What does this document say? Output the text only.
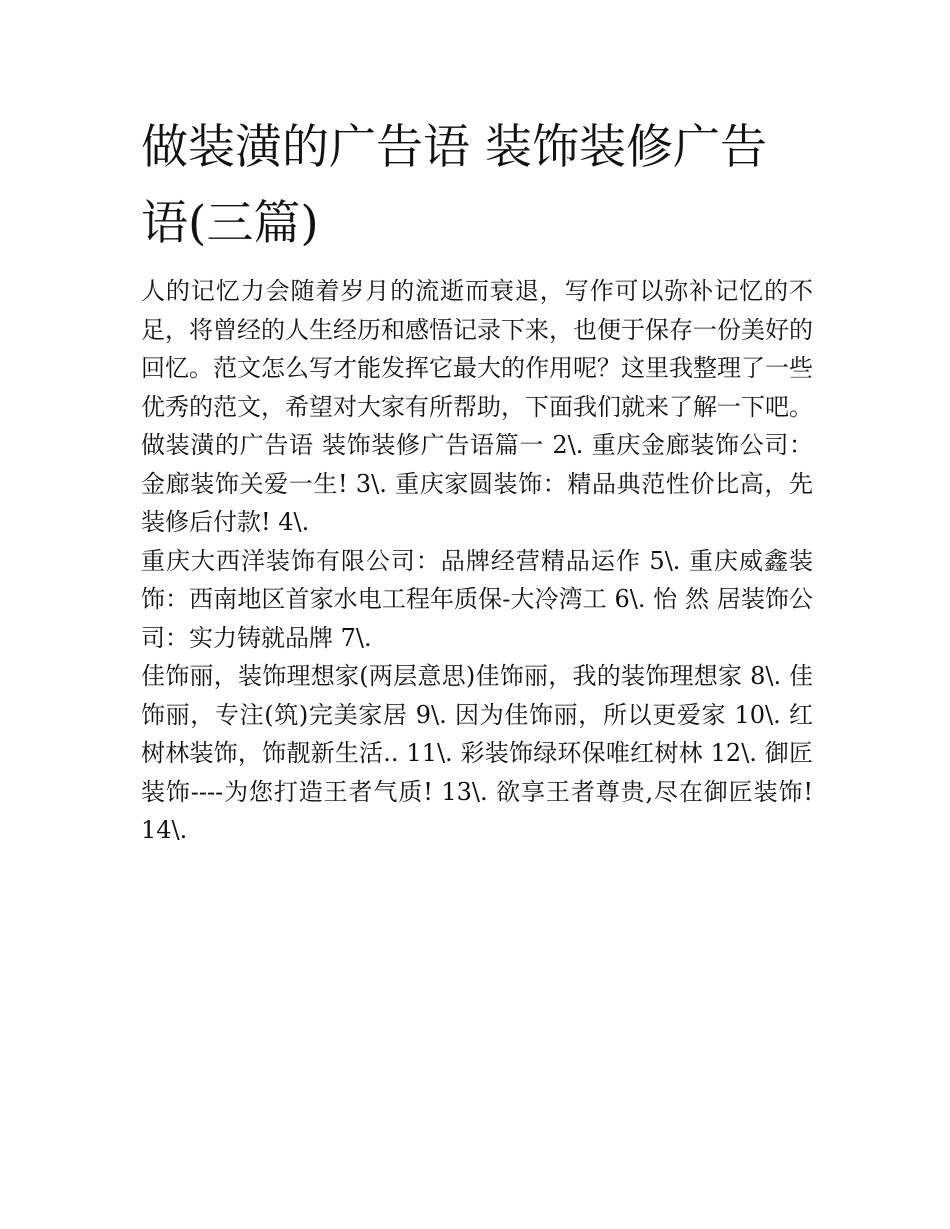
做装潢的广告语 装饰装修广告语(三篇)

人的记忆力会随着岁月的流逝而衰退，写作可以弥补记忆的不足，将曾经的人生经历和感悟记录下来，也便于保存一份美好的回忆。范文怎么写才能发挥它最大的作用呢？这里我整理了一些优秀的范文，希望对大家有所帮助，下面我们就来了解一下吧。

做装潢的广告语 装饰装修广告语篇一 2\. 重庆金廊装饰公司：金廊装饰关爱一生! 3\. 重庆家圆装饰：精品典范性价比高，先装修后付款! 4\.

重庆大西洋装饰有限公司：品牌经营精品运作 5\. 重庆威鑫装饰：西南地区首家水电工程年质保-大冷湾工 6\. 怡 然 居装饰公司：实力铸就品牌 7\.

佳饰丽，装饰理想家(两层意思)佳饰丽，我的装饰理想家 8\. 佳饰丽，专注(筑)完美家居 9\. 因为佳饰丽，所以更爱家 10\. 红树林装饰，饰靓新生活.. 11\. 彩装饰绿环保唯红树林 12\. 御匠装饰----为您打造王者气质! 13\. 欲享王者尊贵,尽在御匠装饰! 14\.
